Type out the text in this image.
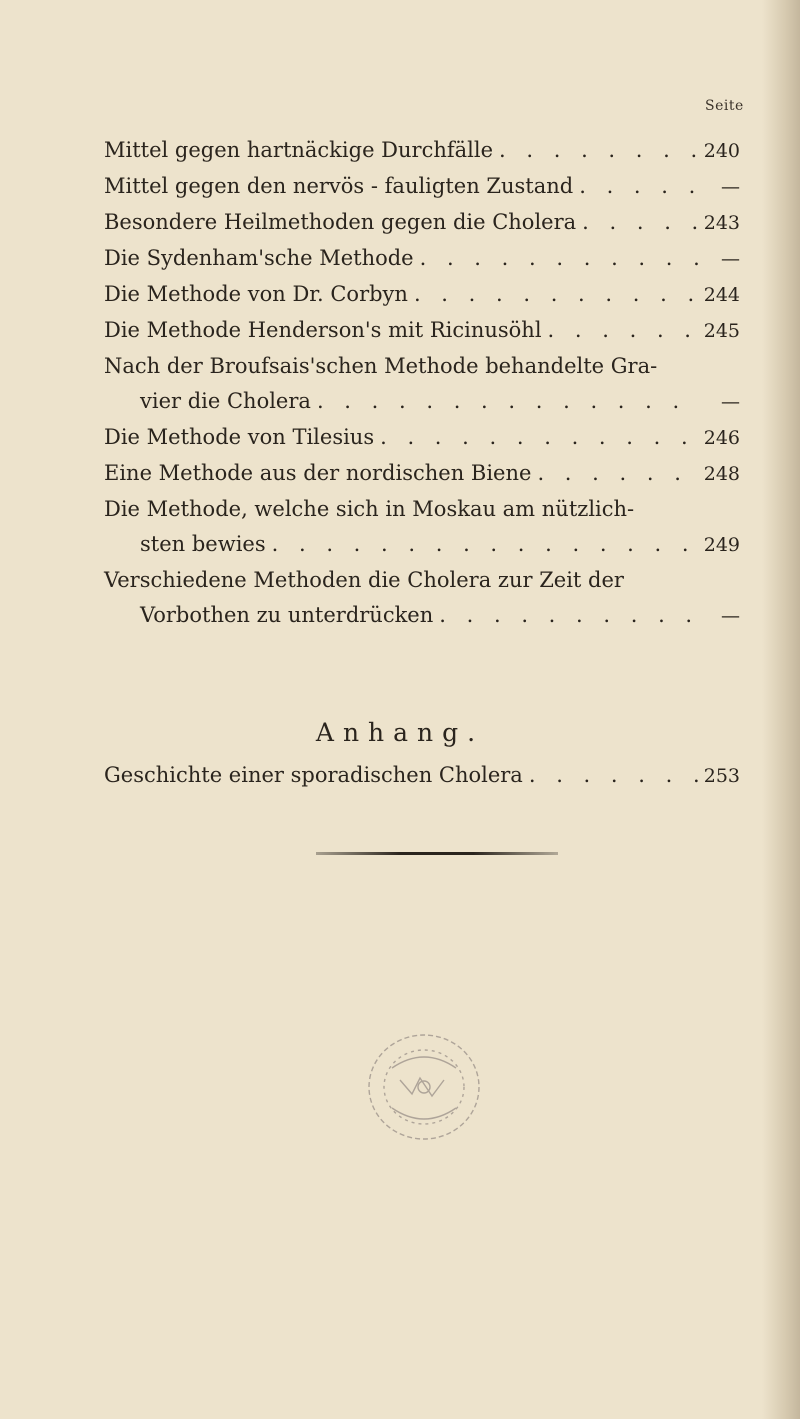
Seite
Mittel gegen hartnäckige Durchfälle . . .	240
Mittel gegen den nervös - fauligten Zustand . . .	—
Besondere Heilmethoden gegen die Cholera . . .	243
Die Sydenham'sche Methode . . .	—
Die Methode von Dr. Corbyn . . .	244
Die Methode Henderson's mit Ricinusöhl . . .	245
Nach der Broufsais'schen Methode behandelte Gra-
vier die Cholera . . .	—
Die Methode von Tilesius . . .	246
Eine Methode aus der nordischen Biene . . .	248
Die Methode, welche sich in Moskau am nützlich-
sten bewies . . .	249
Verschiedene Methoden die Cholera zur Zeit der
Vorbothen zu unterdrücken . . .	—
Anhang.
Geschichte einer sporadischen Cholera . . .	253
